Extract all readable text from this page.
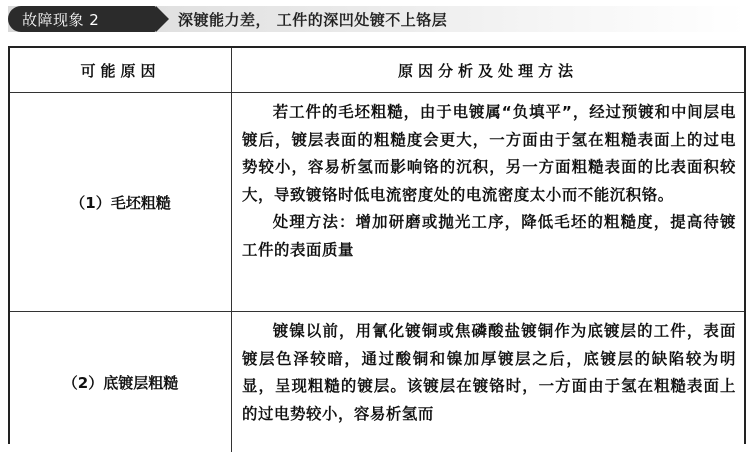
故障现象 2	深镀能力差， 工件的深凹处镀不上铬层
可能原因	原因分析及处理方法
（1）毛坯粗糙

若工件的毛坯粗糙，由于电镀属“负填平”，经过预镀和中间层电镀后，镀层表面的粗糙度会更大，一方面由于氢在粗糙表面上的过电势较小，容易析氢而影响铬的沉积，另一方面粗糙表面的比表面积较大，导致镀铬时低电流密度处的电流密度太小而不能沉积铬。

处理方法：增加研磨或抛光工序，降低毛坯的粗糙度，提高待镀工件的表面质量

（2）底镀层粗糙

镀镍以前，用氰化镀铜或焦磷酸盐镀铜作为底镀层的工件，表面镀层色泽较暗，通过酸铜和镍加厚镀层之后，底镀层的缺陷较为明显，呈现粗糙的镀层。该镀层在镀铬时，一方面由于氢在粗糙表面上的过电势较小，容易析氢而
